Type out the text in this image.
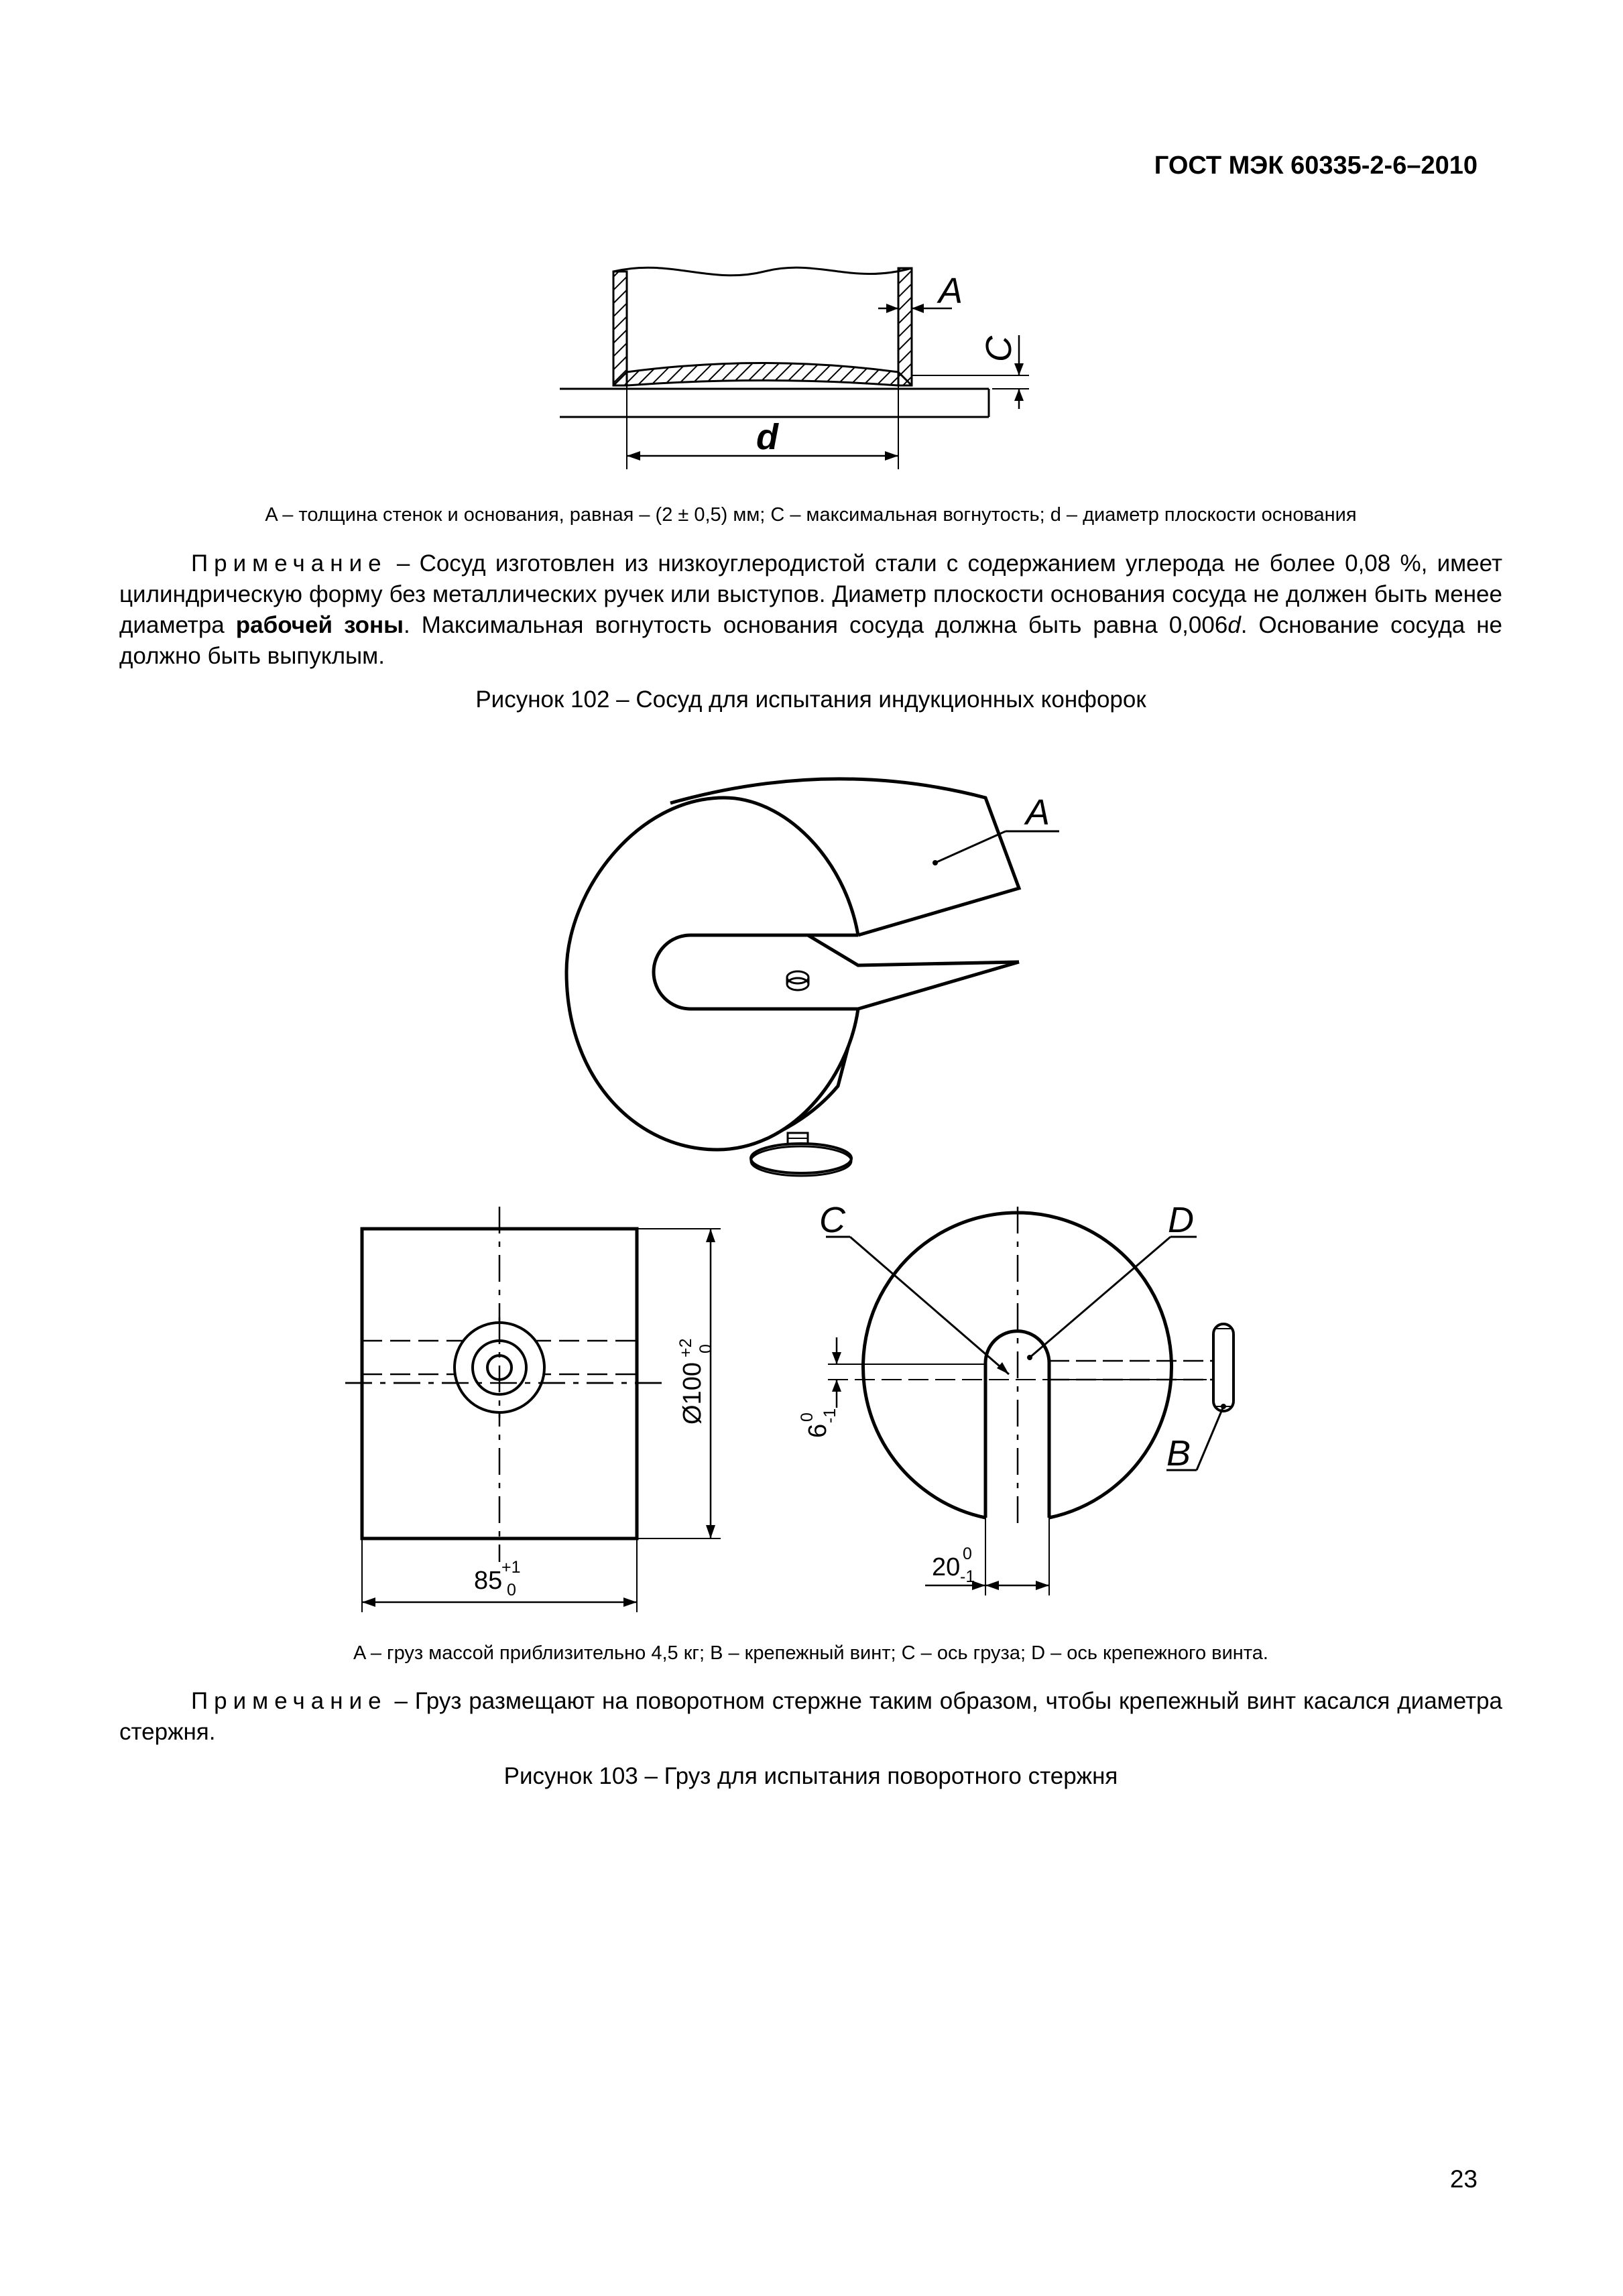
ГОСТ МЭК 60335-2-6–2010
A
C
d
A – толщина стенок и основания, равная – (2 ± 0,5) мм; C – максимальная вогнутость; d – диаметр плоскости основания
Примечание – Сосуд изготовлен из низкоуглеродистой стали с содержанием углерода не более 0,08 %, имеет цилиндрическую форму без металлических ручек или выступов. Диаметр плоскости основания сосуда не должен быть менее диаметра рабочей зоны. Максимальная вогнутость основания сосуда должна быть равна 0,006d. Основание сосуда не должно быть выпуклым.
Рисунок 102 – Сосуд для испытания индукционных конфорок
A
Ø100
+2 0
85
+1
0
6
0 -1
20 0
-1
C	D
B
A – груз массой приблизительно 4,5 кг; B – крепежный винт; C – ось груза; D – ось крепежного винта.
Примечание – Груз размещают на поворотном стержне таким образом, чтобы крепежный винт касался диаметра стержня.
Рисунок 103 – Груз для испытания поворотного стержня
23
